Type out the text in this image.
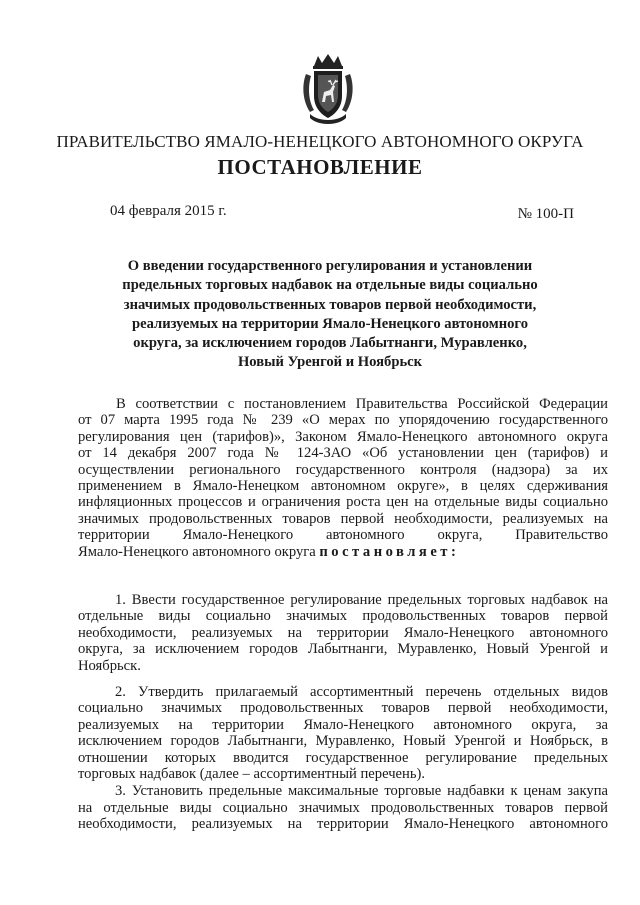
ПРАВИТЕЛЬСТВО ЯМАЛО-НЕНЕЦКОГО АВТОНОМНОГО ОКРУГА
ПОСТАНОВЛЕНИЕ
04 февраля 2015 г.	№ 100-П
О введении государственного регулирования и установлении
предельных торговых надбавок на отдельные виды социально
значимых продовольственных товаров первой необходимости,
реализуемых на территории Ямало-Ненецкого автономного
округа, за исключением городов Лабытнанги, Муравленко,
Новый Уренгой и Ноябрьск
В соответствии с постановлением Правительства Российской Федерации
от 07 марта 1995 года № 239 «О мерах по упорядочению государственного
регулирования цен (тарифов)», Законом Ямало-Ненецкого автономного округа
от 14 декабря 2007 года № 124-ЗАО «Об установлении цен (тарифов) и
осуществлении регионального государственного контроля (надзора) за их
применением в Ямало-Ненецком автономном округе», в целях сдерживания
инфляционных процессов и ограничения роста цен на отдельные виды социально
значимых продовольственных товаров первой необходимости, реализуемых на
территории Ямало-Ненецкого автономного округа, Правительство
Ямало-Ненецкого автономного округа постановляет:
1. Ввести государственное регулирование предельных торговых надбавок на
отдельные виды социально значимых продовольственных товаров первой
необходимости, реализуемых на территории Ямало-Ненецкого автономного
округа, за исключением городов Лабытнанги, Муравленко, Новый Уренгой и
Ноябрьск.
2. Утвердить прилагаемый ассортиментный перечень отдельных видов
социально значимых продовольственных товаров первой необходимости,
реализуемых на территории Ямало-Ненецкого автономного округа, за
исключением городов Лабытнанги, Муравленко, Новый Уренгой и Ноябрьск, в
отношении которых вводится государственное регулирование предельных
торговых надбавок (далее – ассортиментный перечень).
3. Установить предельные максимальные торговые надбавки к ценам закупа
на отдельные виды социально значимых продовольственных товаров первой
необходимости, реализуемых на территории Ямало-Ненецкого автономного
